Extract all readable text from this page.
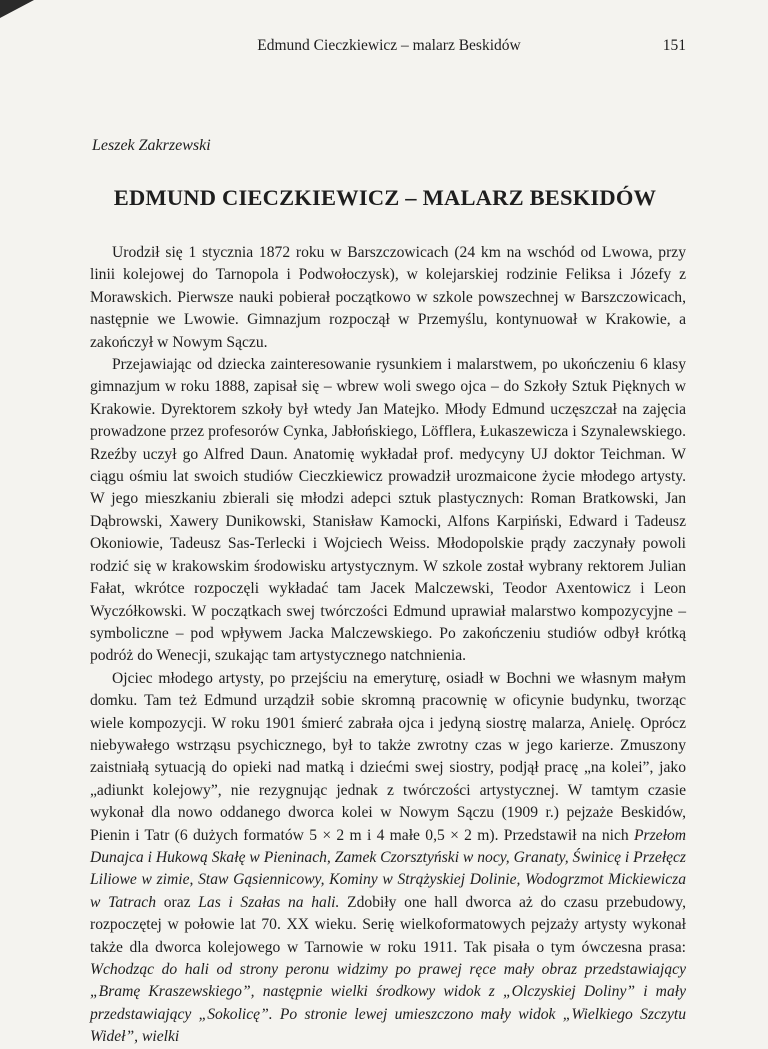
Edmund Cieczkiewicz – malarz Beskidów	151
Leszek Zakrzewski
EDMUND CIECZKIEWICZ – MALARZ BESKIDÓW

Urodził się 1 stycznia 1872 roku w Barszczowicach (24 km na wschód od Lwowa, przy linii kolejowej do Tarnopola i Podwołoczysk), w kolejarskiej rodzinie Feliksa i Józefy z Morawskich. Pierwsze nauki pobierał początkowo w szkole powszechnej w Barszczowicach, następnie we Lwowie. Gimnazjum rozpoczął w Przemyślu, kontynuował w Krakowie, a zakończył w Nowym Sączu.

Przejawiając od dziecka zainteresowanie rysunkiem i malarstwem, po ukończeniu 6 klasy gimnazjum w roku 1888, zapisał się – wbrew woli swego ojca – do Szkoły Sztuk Pięknych w Krakowie. Dyrektorem szkoły był wtedy Jan Matejko. Młody Edmund uczęszczał na zajęcia prowadzone przez profesorów Cynka, Jabłońskiego, Löfflera, Łukaszewicza i Szynalewskiego. Rzeźby uczył go Alfred Daun. Anatomię wykładał prof. medycyny UJ doktor Teichman. W ciągu ośmiu lat swoich studiów Cieczkiewicz prowadził urozmaicone życie młodego artysty. W jego mieszkaniu zbierali się młodzi adepci sztuk plastycznych: Roman Bratkowski, Jan Dąbrowski, Xawery Dunikowski, Stanisław Kamocki, Alfons Karpiński, Edward i Tadeusz Okoniowie, Tadeusz Sas-Terlecki i Wojciech Weiss. Młodopolskie prądy zaczynały powoli rodzić się w krakowskim środowisku artystycznym. W szkole został wybrany rektorem Julian Fałat, wkrótce rozpoczęli wykładać tam Jacek Malczewski, Teodor Axentowicz i Leon Wyczółkowski. W początkach swej twórczości Edmund uprawiał malarstwo kompozycyjne – symboliczne – pod wpływem Jacka Malczewskiego. Po zakończeniu studiów odbył krótką podróż do Wenecji, szukając tam artystycznego natchnienia.

Ojciec młodego artysty, po przejściu na emeryturę, osiadł w Bochni we własnym małym domku. Tam też Edmund urządził sobie skromną pracownię w oficynie budynku, tworząc wiele kompozycji. W roku 1901 śmierć zabrała ojca i jedyną siostrę malarza, Anielę. Oprócz niebywałego wstrząsu psychicznego, był to także zwrotny czas w jego karierze. Zmuszony zaistniałą sytuacją do opieki nad matką i dziećmi swej siostry, podjął pracę „na kolei”, jako „adiunkt kolejowy”, nie rezygnując jednak z twórczości artystycznej. W tamtym czasie wykonał dla nowo oddanego dworca kolei w Nowym Sączu (1909 r.) pejzaże Beskidów, Pienin i Tatr (6 dużych formatów 5 × 2 m i 4 małe 0,5 × 2 m). Przedstawił na nich Przełom Dunajca i Hukową Skałę w Pieninach, Zamek Czorsztyński w nocy, Granaty, Świnicę i Przełęcz Liliowe w zimie, Staw Gąsiennicowy, Kominy w Strążyskiej Dolinie, Wodogrzmot Mickiewicza w Tatrach oraz Las i Szałas na hali. Zdobiły one hall dworca aż do czasu przebudowy, rozpoczętej w połowie lat 70. XX wieku. Serię wielkoformatowych pejzaży artysty wykonał także dla dworca kolejowego w Tarnowie w roku 1911. Tak pisała o tym ówczesna prasa: Wchodząc do hali od strony peronu widzimy po prawej ręce mały obraz przedstawiający „Bramę Kraszewskiego”, następnie wielki środkowy widok z „Olczyskiej Doliny” i mały przedstawiający „Sokolicę”. Po stronie lewej umieszczono mały widok „Wielkiego Szczytu Wideł”, wielki
